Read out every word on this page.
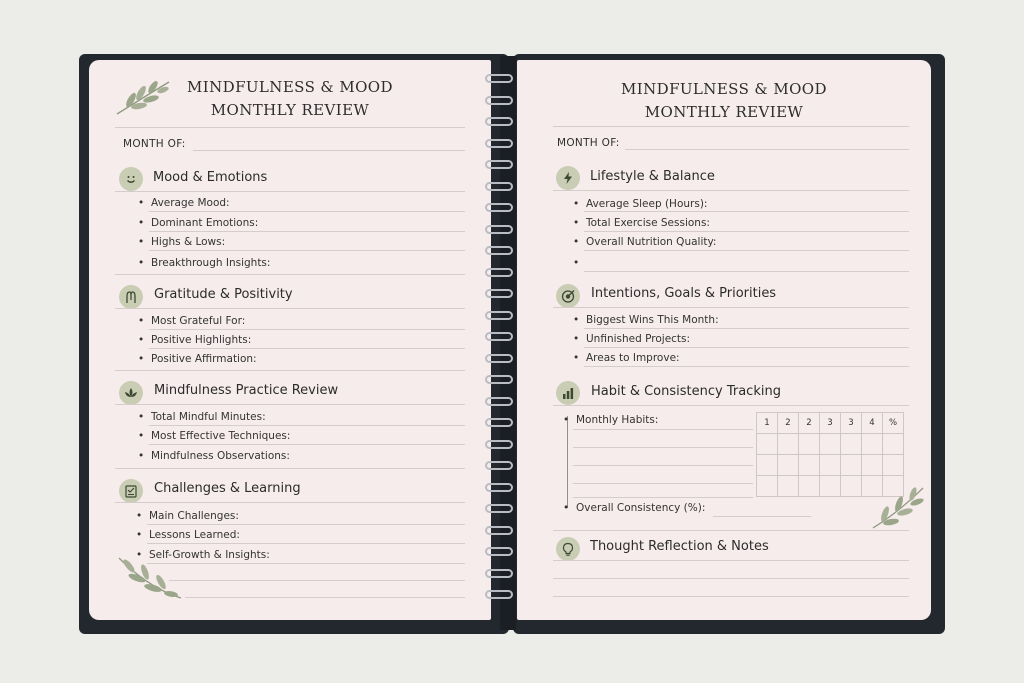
MINDFULNESS & MOOD
MONTHLY REVIEW
MONTH OF:
Mood & Emotions
• Average Mood:
• Dominant Emotions:
• Highs & Lows:
• Breakthrough Insights:
Gratitude & Positivity
• Most Grateful For:
• Positive Highlights:
• Positive Affirmation:
Mindfulness Practice Review
• Total Mindful Minutes:
• Most Effective Techniques:
• Mindfulness Observations:
Challenges & Learning
• Main Challenges:
• Lessons Learned:
• Self-Growth & Insights:
MINDFULNESS & MOOD
MONTHLY REVIEW
MONTH OF:
Lifestyle & Balance
• Average Sleep (Hours):
• Total Exercise Sessions:
• Overall Nutrition Quality:
Intentions, Goals & Priorities
• Biggest Wins This Month:
• Unfinished Projects:
• Areas to Improve:
Habit & Consistency Tracking
• Monthly Habits:	1	2	2	3	3	4	%

• Overall Consistency (%):
Thought Reflection & Notes
